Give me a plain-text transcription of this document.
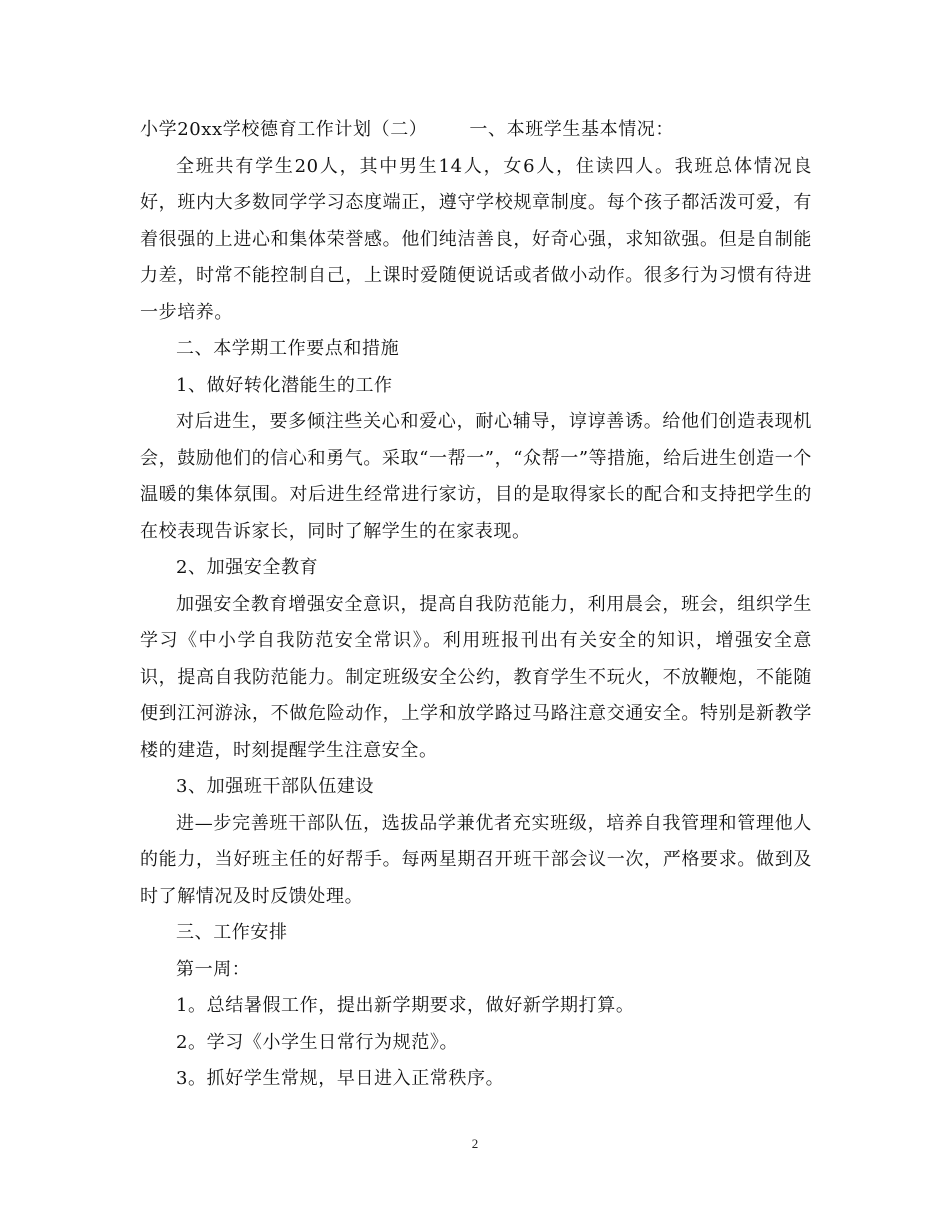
小学20xx学校德育工作计划（二） 一、本班学生基本情况：

全班共有学生20人，其中男生14人，女6人，住读四人。我班总体情况良好，班内大多数同学学习态度端正，遵守学校规章制度。每个孩子都活泼可爱，有着很强的上进心和集体荣誉感。他们纯洁善良，好奇心强，求知欲强。但是自制能力差，时常不能控制自己，上课时爱随便说话或者做小动作。很多行为习惯有待进一步培养。

二、本学期工作要点和措施

1、做好转化潜能生的工作

对后进生，要多倾注些关心和爱心，耐心辅导，谆谆善诱。给他们创造表现机会，鼓励他们的信心和勇气。采取“一帮一”，“众帮一”等措施，给后进生创造一个温暖的集体氛围。对后进生经常进行家访，目的是取得家长的配合和支持把学生的在校表现告诉家长，同时了解学生的在家表现。

2、加强安全教育

加强安全教育增强安全意识，提高自我防范能力，利用晨会，班会，组织学生学习《中小学自我防范安全常识》。利用班报刊出有关安全的知识，增强安全意识，提高自我防范能力。制定班级安全公约，教育学生不玩火，不放鞭炮，不能随便到江河游泳，不做危险动作，上学和放学路过马路注意交通安全。特别是新教学楼的建造，时刻提醒学生注意安全。

3、加强班干部队伍建设

进—步完善班干部队伍，选拔品学兼优者充实班级，培养自我管理和管理他人的能力，当好班主任的好帮手。每两星期召开班干部会议一次，严格要求。做到及时了解情况及时反馈处理。

三、工作安排

第一周：

1。总结暑假工作，提出新学期要求，做好新学期打算。

2。学习《小学生日常行为规范》。

3。抓好学生常规，早日进入正常秩序。

2
